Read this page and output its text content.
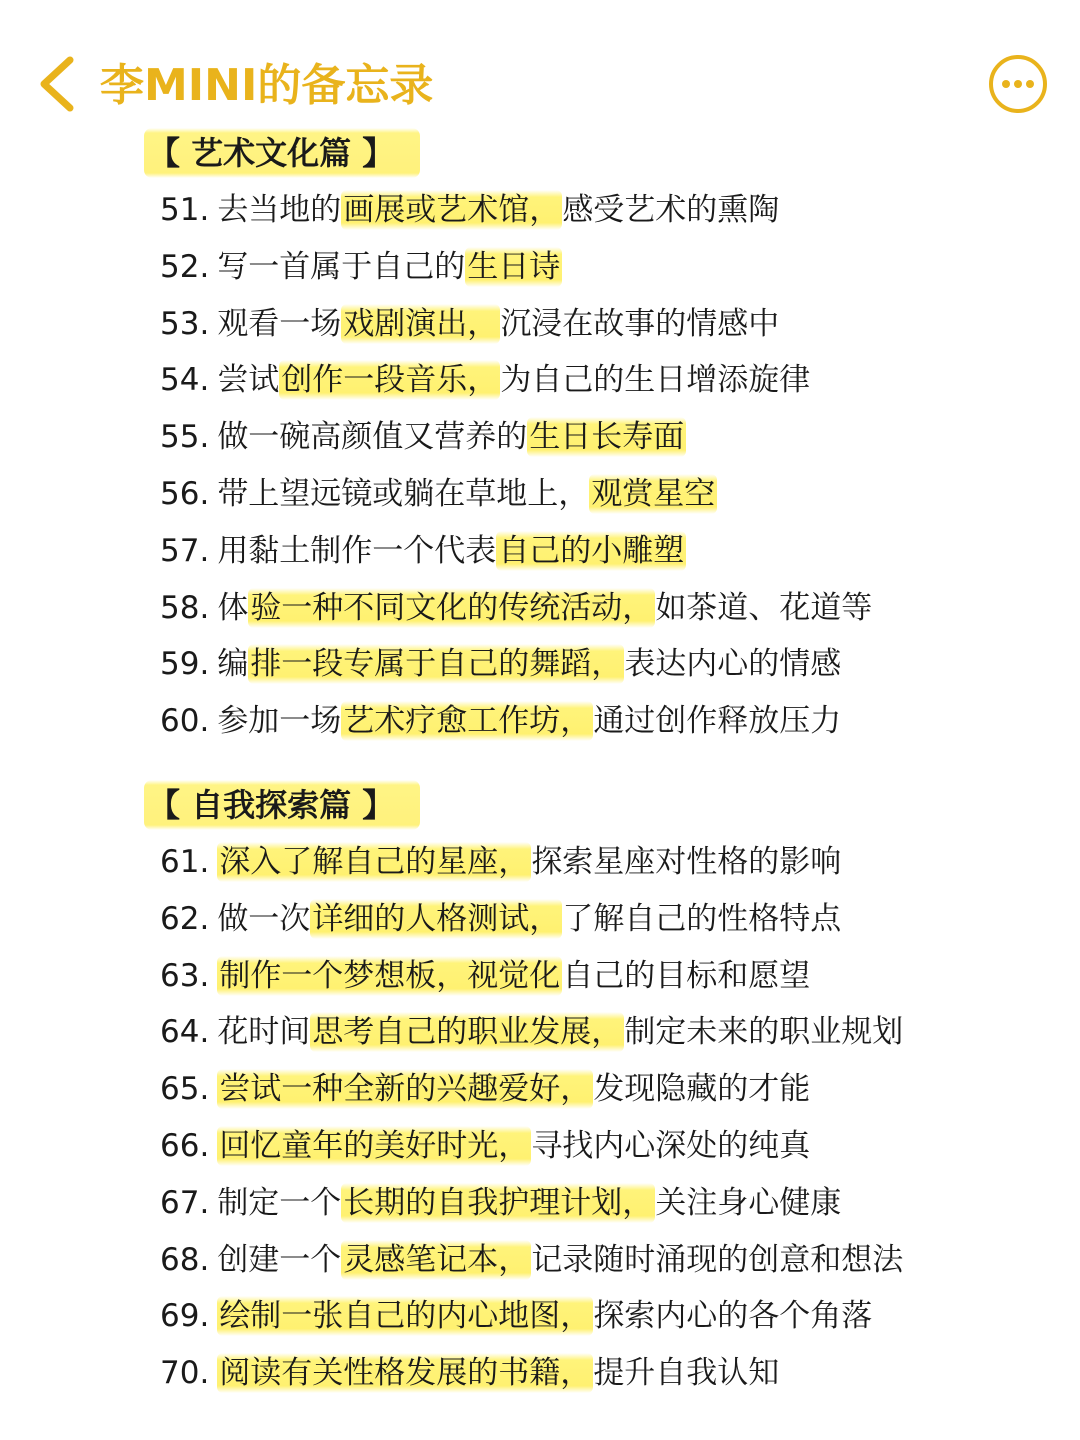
李MINI的备忘录
【 艺术文化篇 】
51. 去当地的画展或艺术馆，感受艺术的熏陶
52. 写一首属于自己的生日诗
53. 观看一场戏剧演出，沉浸在故事的情感中
54. 尝试创作一段音乐，为自己的生日增添旋律
55. 做一碗高颜值又营养的生日长寿面
56. 带上望远镜或躺在草地上，观赏星空
57. 用黏土制作一个代表自己的小雕塑
58. 体验一种不同文化的传统活动，如茶道、花道等
59. 编排一段专属于自己的舞蹈，表达内心的情感
60. 参加一场艺术疗愈工作坊，通过创作释放压力
【 自我探索篇 】
61. 深入了解自己的星座，探索星座对性格的影响
62. 做一次详细的人格测试，了解自己的性格特点
63. 制作一个梦想板，视觉化自己的目标和愿望
64. 花时间思考自己的职业发展，制定未来的职业规划
65. 尝试一种全新的兴趣爱好，发现隐藏的才能
66. 回忆童年的美好时光，寻找内心深处的纯真
67. 制定一个长期的自我护理计划，关注身心健康
68. 创建一个灵感笔记本，记录随时涌现的创意和想法
69. 绘制一张自己的内心地图，探索内心的各个角落
70. 阅读有关性格发展的书籍，提升自我认知
